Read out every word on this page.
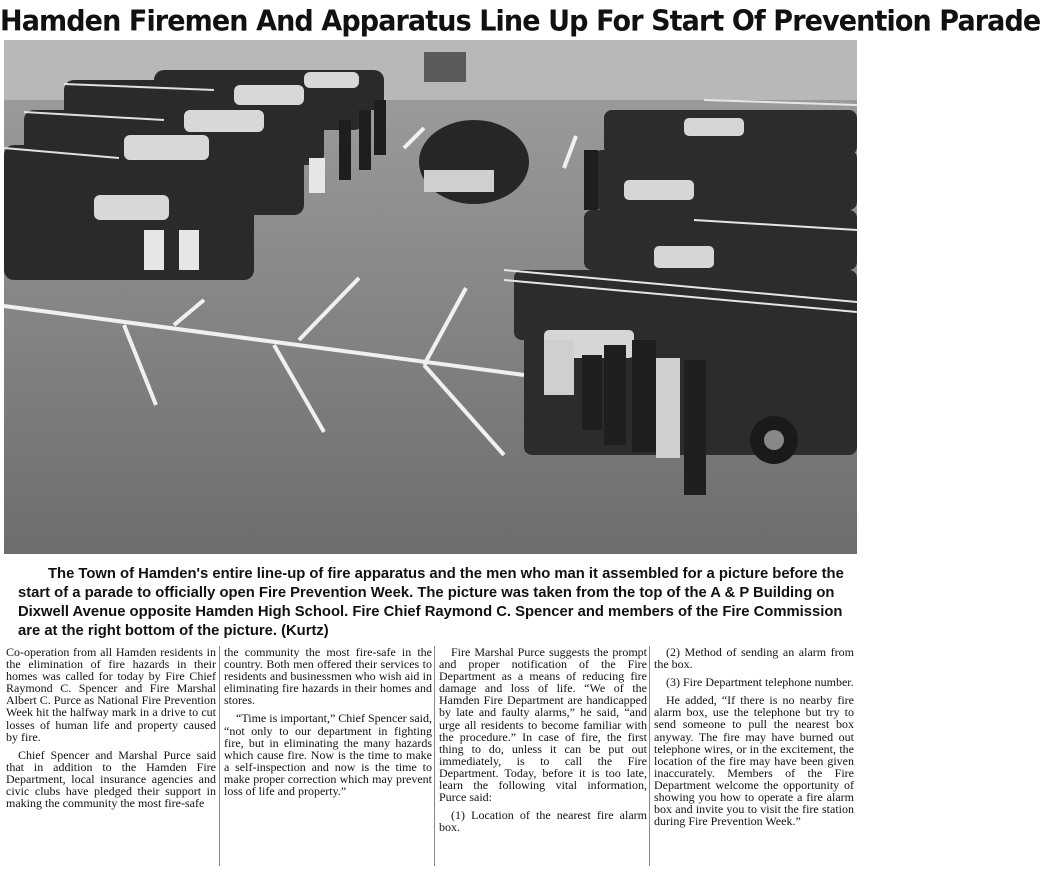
Hamden Firemen And Apparatus Line Up For Start Of Prevention Parade

The Town of Hamden's entire line-up of fire apparatus and the men who man it assembled for a picture before the start of a parade to officially open Fire Prevention Week. The picture was taken from the top of the A & P Building on Dixwell Avenue opposite Hamden High School. Fire Chief Raymond C. Spencer and members of the Fire Commission are at the right bottom of the picture. (Kurtz)

Co-operation from all Hamden residents in the elimination of fire hazards in their homes was called for today by Fire Chief Raymond C. Spencer and Fire Marshal Albert C. Purce as National Fire Prevention Week hit the halfway mark in a drive to cut losses of human life and property caused by fire.

Chief Spencer and Marshal Purce said that in addition to the Hamden Fire Department, local insurance agencies and civic clubs have pledged their support in making the community the most fire-safe

the community the most fire-safe in the country. Both men offered their services to residents and businessmen who wish aid in eliminating fire hazards in their homes and stores.

“Time is important,” Chief Spencer said, “not only to our department in fighting fire, but in eliminating the many hazards which cause fire. Now is the time to make a self-inspection and now is the time to make proper correction which may prevent loss of life and property.”

Fire Marshal Purce suggests the prompt and proper notification of the Fire Department as a means of reducing fire damage and loss of life. “We of the Hamden Fire Department are handicapped by late and faulty alarms,” he said, “and urge all residents to become familiar with the procedure.” In case of fire, the first thing to do, unless it can be put out immediately, is to call the Fire Department. Today, before it is too late, learn the following vital information, Purce said:

(1) Location of the nearest fire alarm box.

(2) Method of sending an alarm from the box.

(3) Fire Department telephone number.

He added, “If there is no nearby fire alarm box, use the telephone but try to send someone to pull the nearest box anyway. The fire may have burned out telephone wires, or in the excitement, the location of the fire may have been given inaccurately. Members of the Fire Department welcome the opportunity of showing you how to operate a fire alarm box and invite you to visit the fire station during Fire Prevention Week.”
